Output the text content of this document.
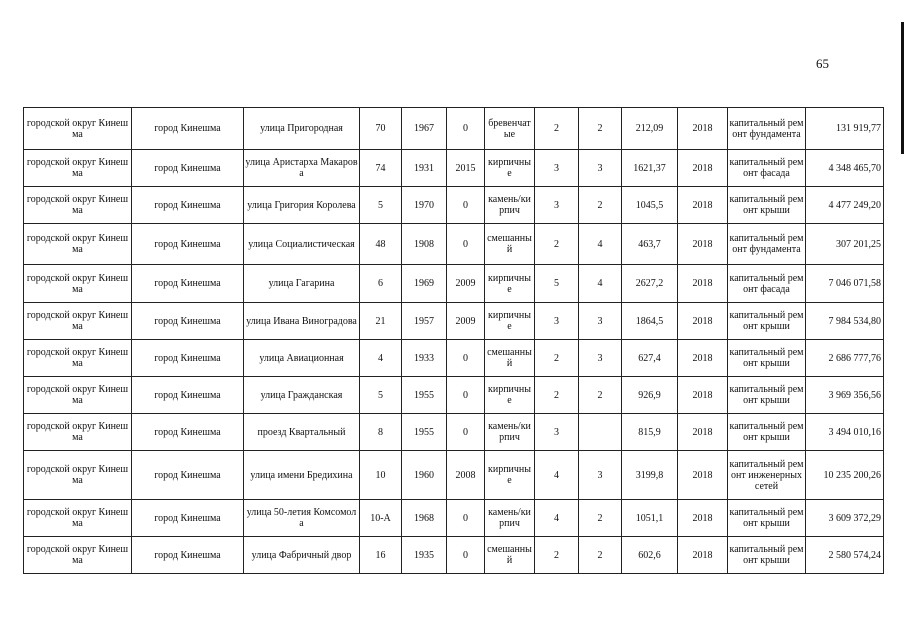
65
городской округ Кинешма	город Кинешма	улица Пригородная	70	1967	0	бревенчатые	2	2	212,09	2018	капитальный ремонт фундамента	131 919,77
городской округ Кинешма	город Кинешма	улица Аристарха Макарова	74	1931	2015	кирпичные	3	3	1621,37	2018	капитальный ремонт фасада	4 348 465,70
городской округ Кинешма	город Кинешма	улица Григория Королева	5	1970	0	камень/кирпич	3	2	1045,5	2018	капитальный ремонт крыши	4 477 249,20
городской округ Кинешма	город Кинешма	улица Социалистическая	48	1908	0	смешанный	2	4	463,7	2018	капитальный ремонт фундамента	307 201,25
городской округ Кинешма	город Кинешма	улица Гагарина	6	1969	2009	кирпичные	5	4	2627,2	2018	капитальный ремонт фасада	7 046 071,58
городской округ Кинешма	город Кинешма	улица Ивана Виноградова	21	1957	2009	кирпичные	3	3	1864,5	2018	капитальный ремонт крыши	7 984 534,80
городской округ Кинешма	город Кинешма	улица Авиационная	4	1933	0	смешанный	2	3	627,4	2018	капитальный ремонт крыши	2 686 777,76
городской округ Кинешма	город Кинешма	улица Гражданская	5	1955	0	кирпичные	2	2	926,9	2018	капитальный ремонт крыши	3 969 356,56
городской округ Кинешма	город Кинешма	проезд Квартальный	8	1955	0	камень/кирпич	3		815,9	2018	капитальный ремонт крыши	3 494 010,16
городской округ Кинешма	город Кинешма	улица имени Бредихина	10	1960	2008	кирпичные	4	3	3199,8	2018	капитальный ремонт инженерных сетей	10 235 200,26
городской округ Кинешма	город Кинешма	улица 50-летия Комсомола	10-А	1968	0	камень/кирпич	4	2	1051,1	2018	капитальный ремонт крыши	3 609 372,29
городской округ Кинешма	город Кинешма	улица Фабричный двор	16	1935	0	смешанный	2	2	602,6	2018	капитальный ремонт крыши	2 580 574,24
